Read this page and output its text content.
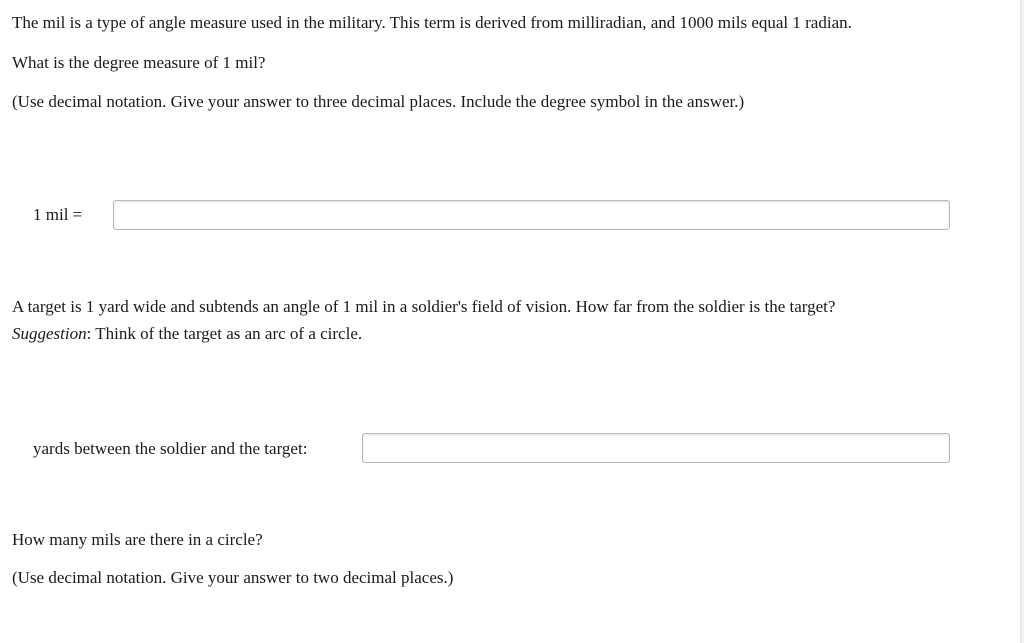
The mil is a type of angle measure used in the military. This term is derived from milliradian, and 1000 mils equal 1 radian.
What is the degree measure of 1 mil?
(Use decimal notation. Give your answer to three decimal places. Include the degree symbol in the answer.)
1 mil =
A target is 1 yard wide and subtends an angle of 1 mil in a soldier's field of vision. How far from the soldier is the target?
Suggestion: Think of the target as an arc of a circle.
yards between the soldier and the target:
How many mils are there in a circle?
(Use decimal notation. Give your answer to two decimal places.)
